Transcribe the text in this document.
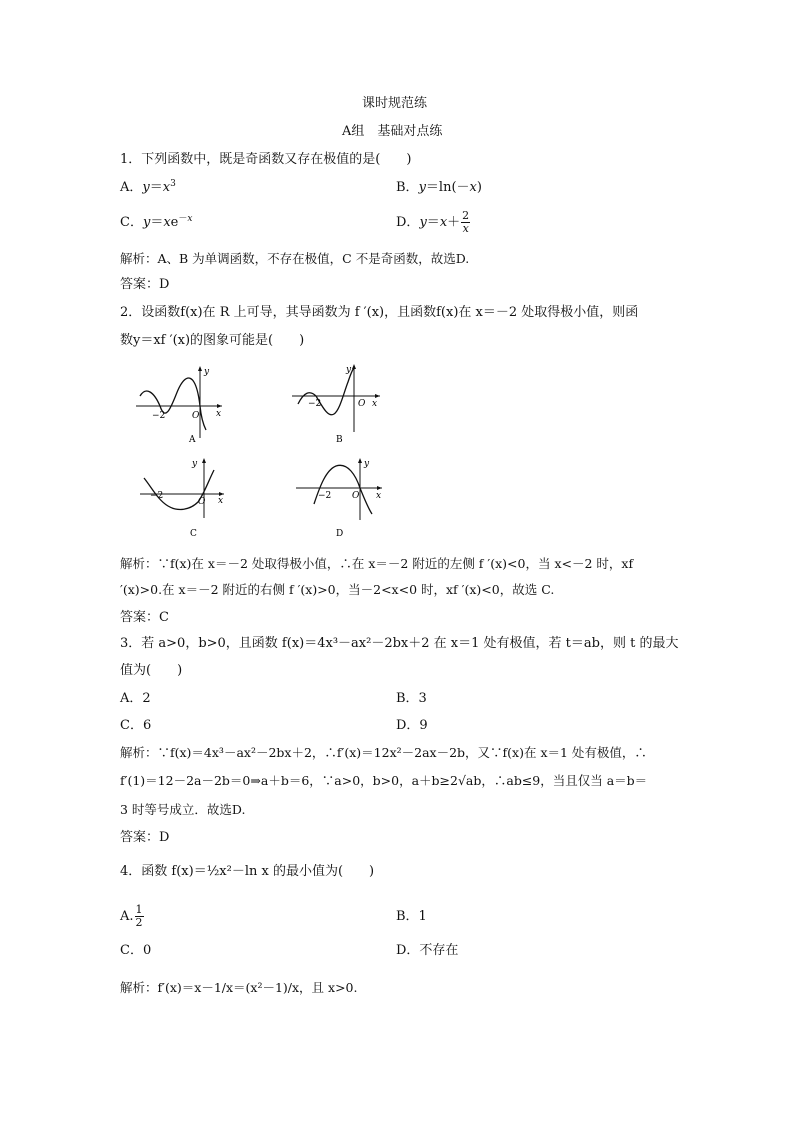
课时规范练
A组　基础对点练
1．下列函数中，既是奇函数又存在极值的是(　　)
A．$y=x^3$	B．y＝ln(－x)
C．$y=xe^{-x}$	D．$y=x+ \frac{2}{x}$
解析：A、B 为单调函数，不存在极值，C 不是奇函数，故选D.
答案：D
2．设函数f(x)在 R 上可导，其导函数为 f ′(x)，且函数f(x)在 x＝－2 处取得极小值，则函
数y＝xf ′(x)的图象可能是(　　)
−2	O x
y
A
−2	O x
y
B
−2
O x
y
C
−2 O x
y
D
解析：∵f(x)在 x＝－2 处取得极小值，∴在 x＝－2 附近的左侧 f ′(x)<0，当 x<－2 时，xf
′(x)>0.在 x＝－2 附近的右侧 f ′(x)>0，当－2<x<0 时，xf ′(x)<0，故选 C.
答案：C
3．若 a>0，b>0，且函数 f(x)＝4x³－ax²－2bx＋2 在 x＝1 处有极值，若 t＝ab，则 t 的最大
值为(　　)
A．2	B．3
C．6	D．9
解析：∵f(x)＝4x³－ax²－2bx＋2，∴f′(x)＝12x²－2ax－2b，又∵f(x)在 x＝1 处有极值，∴
f′(1)＝12－2a－2b＝0⇒a＋b＝6，∵a>0，b>0，a＋b≥2√ab，∴ab≤9，当且仅当 a＝b＝
3 时等号成立．故选D.
答案：D
4．函数 f(x)＝½x²－ln x 的最小值为(　　)
A. $\frac{1}{2}$	B．1
C．0	D．不存在
解析：f′(x)＝x－1/x＝(x²－1)/x，且 x>0.
